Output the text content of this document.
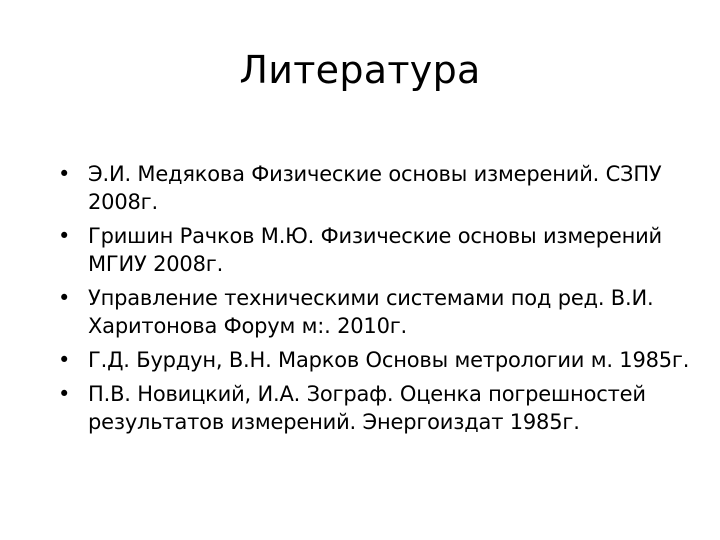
Литература
• Э.И. Медякова Физические основы измерений. СЗПУ 2008г.
• Гришин Рачков М.Ю. Физические основы измерений МГИУ 2008г.
• Управление техническими системами под ред. В.И. Харитонова Форум м:. 2010г.
• Г.Д. Бурдун, В.Н. Марков Основы метрологии м. 1985г.
• П.В. Новицкий, И.А. Зограф. Оценка погрешностей результатов измерений. Энергоиздат 1985г.
